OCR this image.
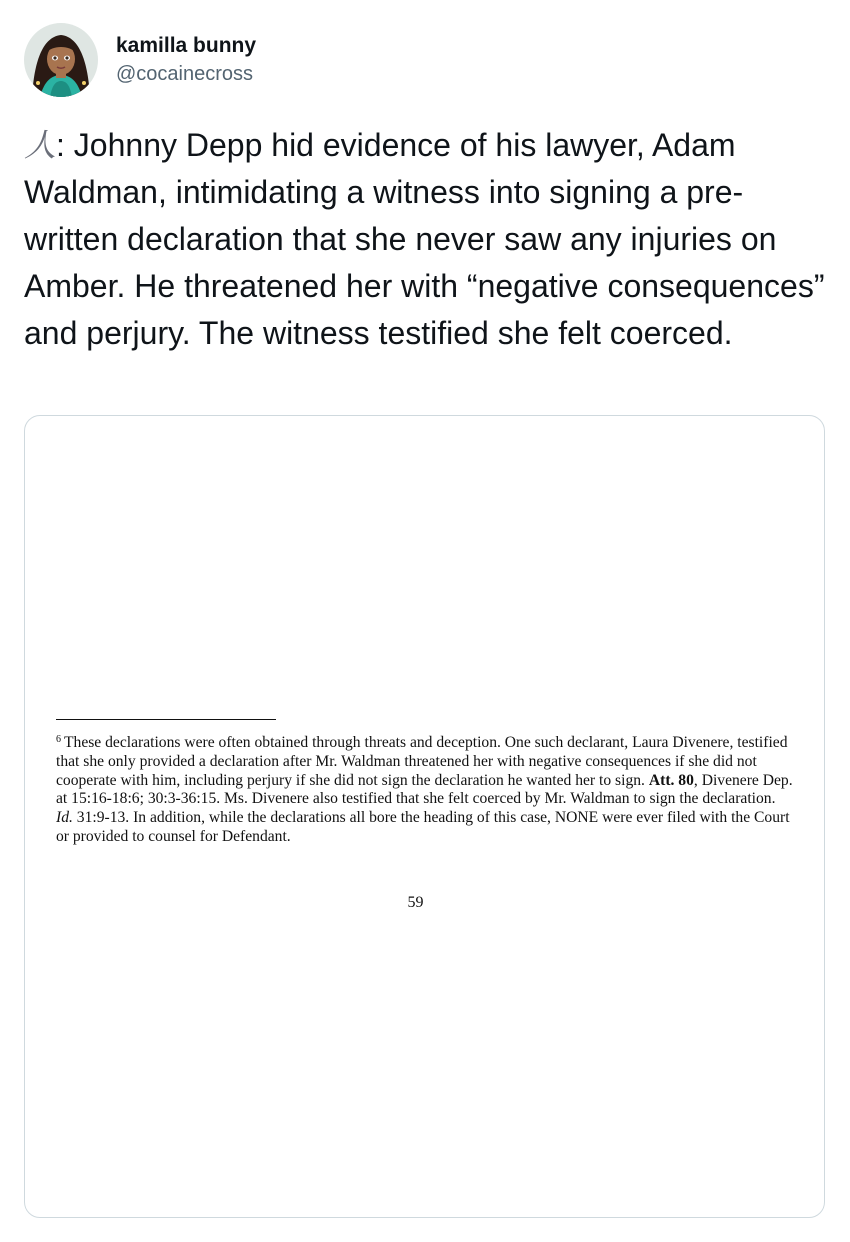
kamilla bunny
@cocainecross

⼈: Johnny Depp hid evidence of his lawyer, Adam Waldman, intimidating a witness into signing a pre-written declaration that she never saw any injuries on Amber. He threatened her with “negative consequences” and perjury. The witness testified she felt coerced.

$^6$ These declarations were often obtained through threats and deception. One such declarant, Laura Divenere, testified that she only provided a declaration after Mr. Waldman threatened her with negative consequences if she did not cooperate with him, including perjury if she did not sign the declaration he wanted her to sign. Att. 80, Divenere Dep. at 15:16-18:6; 30:3-36:15. Ms. Divenere also testified that she felt coerced by Mr. Waldman to sign the declaration. Id. 31:9-13. In addition, while the declarations all bore the heading of this case, NONE were ever filed with the Court or provided to counsel for Defendant.

59
